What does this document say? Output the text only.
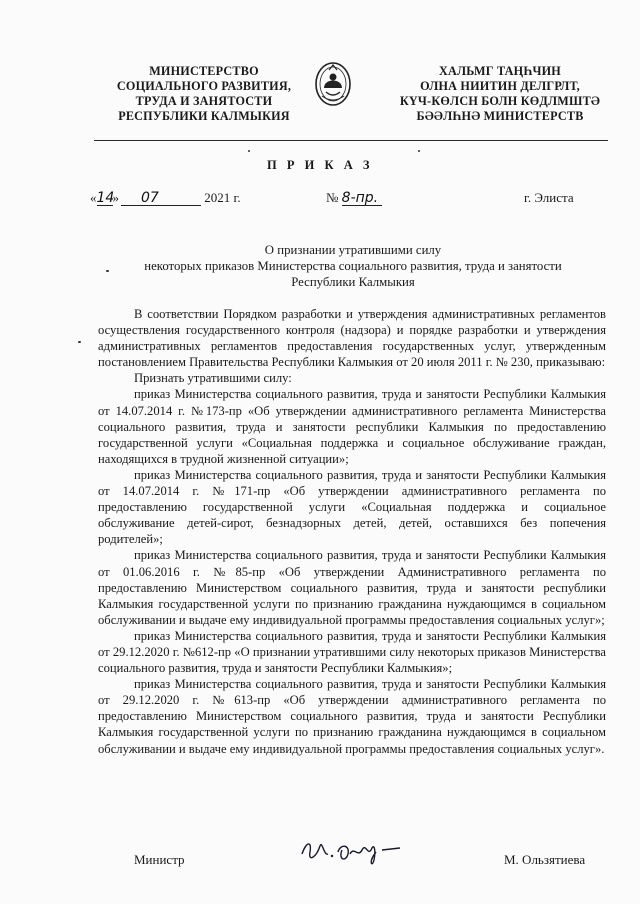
МИНИСТЕРСТВО
СОЦИАЛЬНОГО РАЗВИТИЯ,
ТРУДА И ЗАНЯТОСТИ
РЕСПУБЛИКИ КАЛМЫКИЯ
ХАЛЬМГ ТАҢҺЧИН
ОЛНА НИИТИН ДЕЛГРЛТ,
КҮЧ-КӨЛСН БОЛН КӨДЛМШТӘ
БӘӘЛҺНӘ МИНИСТЕРСТВ
П Р И К А З
«14» 07	2021 г.	№ 8-пр.	г. Элиста
О признании утратившими силу
некоторых приказов Министерства социального развития, труда и занятости
Республики Калмыкия

В соответствии Порядком разработки и утверждения административных регламентов осуществления государственного контроля (надзора) и порядке разработки и утверждения административных регламентов предоставления государственных услуг, утвержденным постановлением Правительства Республики Калмыкия от 20 июля 2011 г. № 230, приказываю:

Признать утратившими силу:

приказ Министерства социального развития, труда и занятости Республики Калмыкия от 14.07.2014 г. №173-пр «Об утверждении административного регламента Министерства социального развития, труда и занятости республики Калмыкия по предоставлению государственной услуги «Социальная поддержка и социальное обслуживание граждан, находящихся в трудной жизненной ситуации»;

приказ Министерства социального развития, труда и занятости Республики Калмыкия от 14.07.2014 г. №171-пр «Об утверждении административного регламента по предоставлению государственной услуги «Социальная поддержка и социальное обслуживание детей-сирот, безнадзорных детей, детей, оставшихся без попечения родителей»;

приказ Министерства социального развития, труда и занятости Республики Калмыкия от 01.06.2016 г. №85-пр «Об утверждении Административного регламента по предоставлению Министерством социального развития, труда и занятости республики Калмыкия государственной услуги по признанию гражданина нуждающимся в социальном обслуживании и выдаче ему индивидуальной программы предоставления социальных услуг»;

приказ Министерства социального развития, труда и занятости Республики Калмыкия от 29.12.2020 г. №612-пр «О признании утратившими силу некоторых приказов Министерства социального развития, труда и занятости Республики Калмыкия»;

приказ Министерства социального развития, труда и занятости Республики Калмыкия от 29.12.2020 г. №613-пр «Об утверждении административного регламента по предоставлению Министерством социального развития, труда и занятости Республики Калмыкия государственной услуги по признанию гражданина нуждающимся в социальном обслуживании и выдаче ему индивидуальной программы предоставления социальных услуг».

Министр	М. Ользятиева
